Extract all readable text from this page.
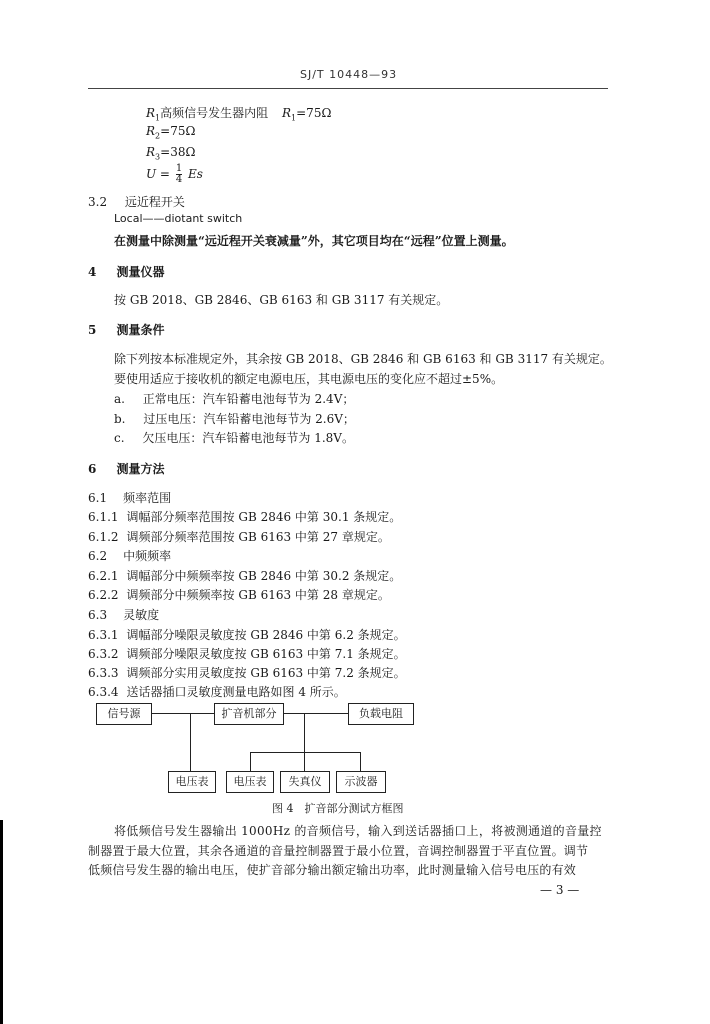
SJ/T 10448—93
$R_1$高频信号发生器内阻 $R_1=75\Omega$
$R_2=75\Omega$
$R_3=38\Omega$
$U = \frac{1}{4}$ Es
3.2 远近程开关
Local——diotant switch
在测量中除测量“远近程开关衰减量”外，其它项目均在“远程”位置上测量。
4 测量仪器
按 GB 2018、GB 2846、GB 6163 和 GB 3117 有关规定。
5 测量条件
除下列按本标准规定外，其余按 GB 2018、GB 2846 和 GB 6163 和 GB 3117 有关规定。
要使用适应于接收机的额定电源电压，其电源电压的变化应不超过±5%。
a. 正常电压：汽车铅蓄电池每节为 2.4V；
b. 过压电压：汽车铅蓄电池每节为 2.6V；
c. 欠压电压：汽车铅蓄电池每节为 1.8V。
6 测量方法
6.1 频率范围
6.1.1 调幅部分频率范围按 GB 2846 中第 30.1 条规定。
6.1.2 调频部分频率范围按 GB 6163 中第 27 章规定。
6.2 中频频率
6.2.1 调幅部分中频频率按 GB 2846 中第 30.2 条规定。
6.2.2 调频部分中频频率按 GB 6163 中第 28 章规定。
6.3 灵敏度
6.3.1 调幅部分噪限灵敏度按 GB 2846 中第 6.2 条规定。
6.3.2 调频部分噪限灵敏度按 GB 6163 中第 7.1 条规定。
6.3.3 调频部分实用灵敏度按 GB 6163 中第 7.2 条规定。
6.3.4 送话器插口灵敏度测量电路如图 4 所示。
信号源	扩音机部分	负载电阻
电压表	电压表	失真仪	示波器
图 4　扩音部分测试方框图
将低频信号发生器输出 1000Hz 的音频信号，输入到送话器插口上，将被测通道的音量控
制器置于最大位置，其余各通道的音量控制器置于最小位置，音调控制器置于平直位置。调节
低频信号发生器的输出电压，使扩音部分输出额定输出功率，此时测量输入信号电压的有效
— 3 —
